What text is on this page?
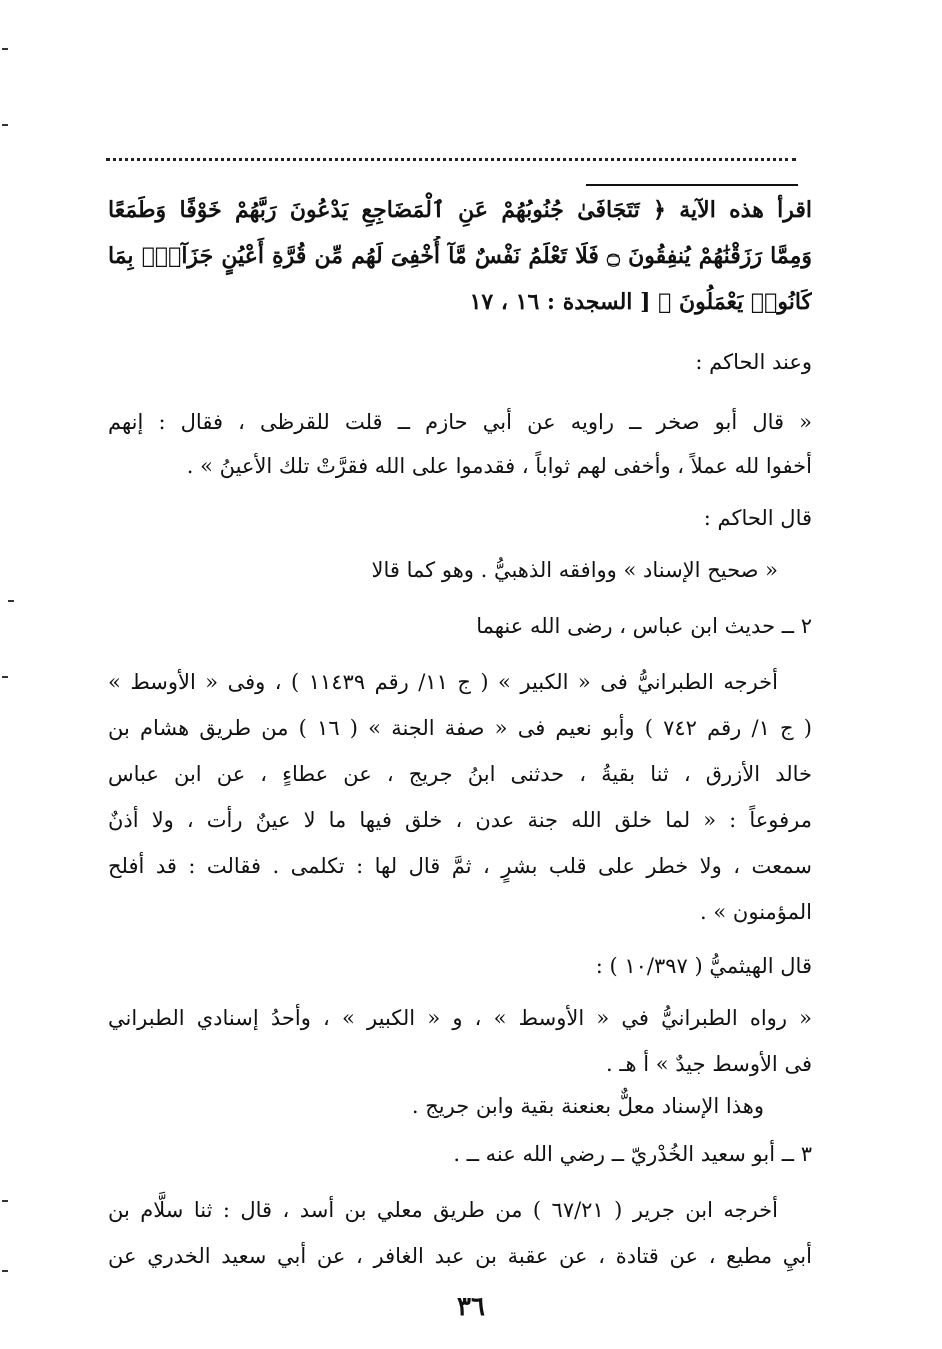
اقرأ هذه الآية ﴿ تَتَجَافَىٰ جُنُوبُهُمْ عَنِ ٱلْمَضَاجِعِ يَدْعُونَ رَبَّهُمْ خَوْفًا وَطَمَعًا
وَمِمَّا رَزَقْنَٰهُمْ يُنفِقُونَ ۝ فَلَا تَعْلَمُ نَفْسٌ مَّآ أُخْفِىَ لَهُم مِّن قُرَّةِ أَعْيُنٍ جَزَآءًۢ بِمَا
كَانُوا۟ يَعْمَلُونَ ﴾ [ السجدة : ١٦ ، ١٧
وعند الحاكم :
« قال أبو صخر ــ راويه عن أبي حازم ــ قلت للقرظى ، فقال : إنهم
أخفوا لله عملاً ، وأخفى لهم ثواباً ، فقدموا على الله فقرَّتْ تلك الأعينُ » .
قال الحاكم :
« صحيح الإسناد » ووافقه الذهبيُّ . وهو كما قالا
٢ ــ حديث ابن عباس ، رضى الله عنهما
أخرجه الطبرانيُّ فى « الكبير » ( ج ١١/ رقم ١١٤٣٩ ) ، وفى « الأوسط »
( ج ١/ رقم ٧٤٢ ) وأبو نعيم فى « صفة الجنة » ( ١٦ ) من طريق هشام بن
خالد الأزرق ، ثنا بقيةُ ، حدثنى ابنُ جريج ، عن عطاءٍ ، عن ابن عباس
مرفوعاً : « لما خلق الله جنة عدن ، خلق فيها ما لا عينٌ رأت ، ولا أذنٌ
سمعت ، ولا خطر على قلب بشرٍ ، ثمَّ قال لها : تكلمى . فقالت : قد أفلح
المؤمنون » .
قال الهيثميُّ ( ١٠/٣٩٧ ) :
« رواه الطبرانيُّ في « الأوسط » ، و « الكبير » ، وأحدُ إسنادي الطبراني
فى الأوسط جيدٌ » أ هـ .
وهذا الإسناد معلٌّ بعنعنة بقية وابن جريج .
٣ ــ أبو سعيد الخُدْريّ ــ رضي الله عنه ــ .
أخرجه ابن جرير ( ٦٧/٢١ ) من طريق معلي بن أسد ، قال : ثنا سلَّام بن
أبيِ مطيع ، عن قتادة ، عن عقبة بن عبد الغافر ، عن أبي سعيد الخدري عن
٣٦
